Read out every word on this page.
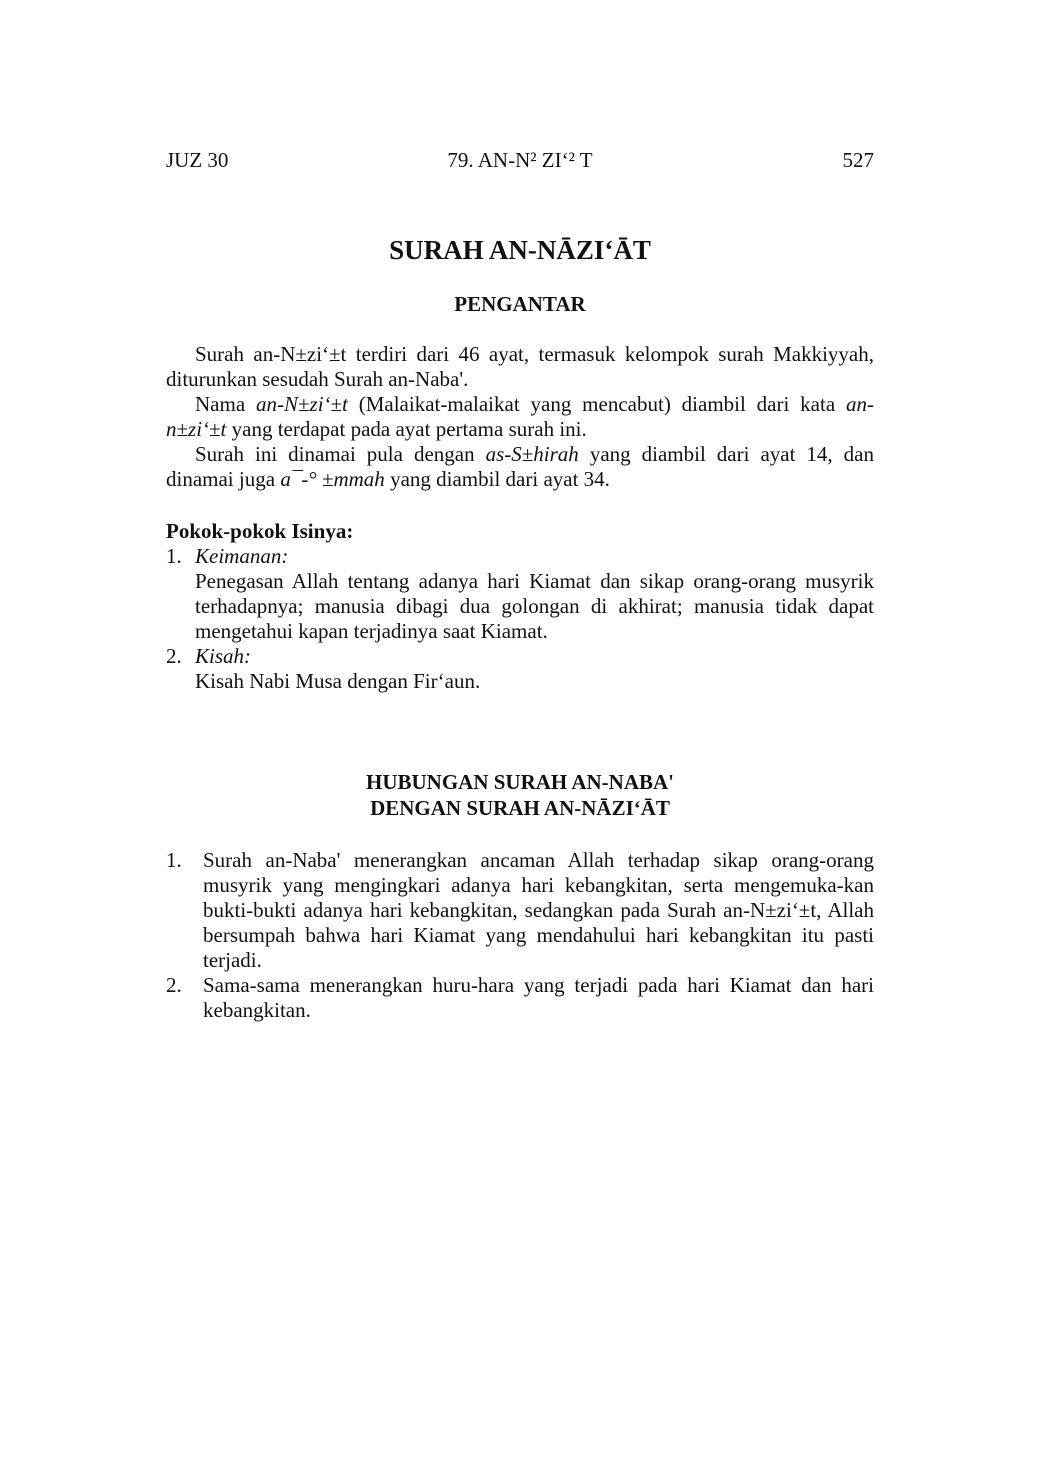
JUZ 30	79. AN-N² ZI‘² T	527
SURAH AN-NĀZI‘ĀT
PENGANTAR

Surah an-N±zi‘±t terdiri dari 46 ayat, termasuk kelompok surah Makkiyyah, diturunkan sesudah Surah an-Naba'.

Nama an-N±zi‘±t (Malaikat-malaikat yang mencabut) diambil dari kata an-n±zi‘±t yang terdapat pada ayat pertama surah ini.

Surah ini dinamai pula dengan as-S±hirah yang diambil dari ayat 14, dan dinamai juga a¯-° ±mmah yang diambil dari ayat 34.

Pokok-pokok Isinya:

1. Keimanan:
Penegasan Allah tentang adanya hari Kiamat dan sikap orang-orang musyrik terhadapnya; manusia dibagi dua golongan di akhirat; manusia tidak dapat mengetahui kapan terjadinya saat Kiamat.
2. Kisah:
Kisah Nabi Musa dengan Fir‘aun.
HUBUNGAN SURAH AN-NABA'
DENGAN SURAH AN-NĀZI‘ĀT
1. Surah an-Naba' menerangkan ancaman Allah terhadap sikap orang-orang musyrik yang mengingkari adanya hari kebangkitan, serta mengemuka-kan bukti-bukti adanya hari kebangkitan, sedangkan pada Surah an-N±zi‘±t, Allah bersumpah bahwa hari Kiamat yang mendahului hari kebangkitan itu pasti terjadi.
2. Sama-sama menerangkan huru-hara yang terjadi pada hari Kiamat dan hari kebangkitan.
